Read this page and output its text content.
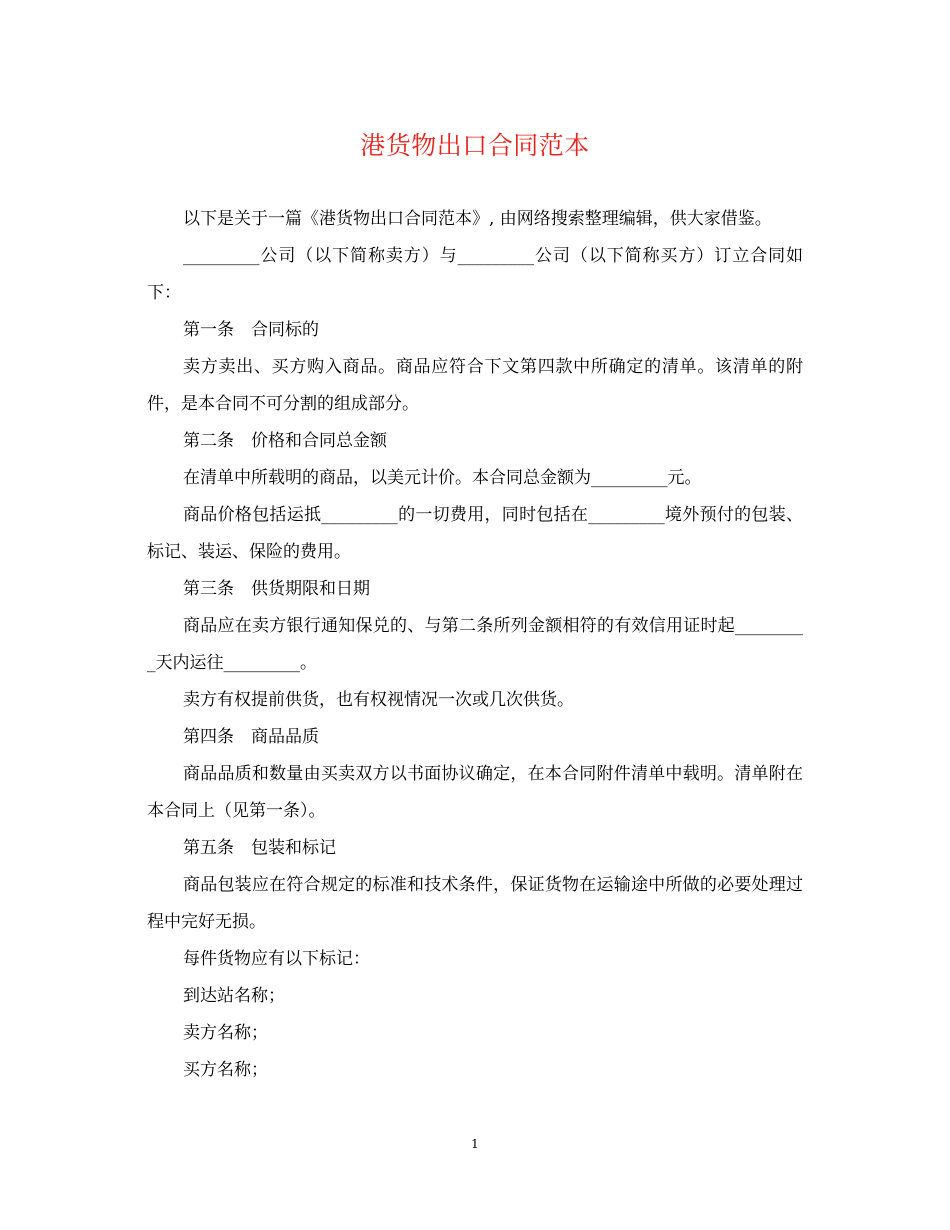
港货物出口合同范本

以下是关于一篇《港货物出口合同范本》, 由网络搜索整理编辑，供大家借鉴。

_________公司（以下简称卖方）与_________公司（以下简称买方）订立合同如下：

第一条　合同标的

卖方卖出、买方购入商品。商品应符合下文第四款中所确定的清单。该清单的附件，是本合同不可分割的组成部分。

第二条　价格和合同总金额

在清单中所载明的商品，以美元计价。本合同总金额为_________元。

商品价格包括运抵_________的一切费用，同时包括在_________境外预付的包装、标记、装运、保险的费用。

第三条　供货期限和日期

商品应在卖方银行通知保兑的、与第二条所列金额相符的有效信用证时起_________天内运往_________。

卖方有权提前供货，也有权视情况一次或几次供货。

第四条　商品品质

商品品质和数量由买卖双方以书面协议确定，在本合同附件清单中载明。清单附在本合同上（见第一条）。

第五条　包装和标记

商品包装应在符合规定的标准和技术条件，保证货物在运输途中所做的必要处理过程中完好无损。

每件货物应有以下标记：

到达站名称；

卖方名称；

买方名称；

1
